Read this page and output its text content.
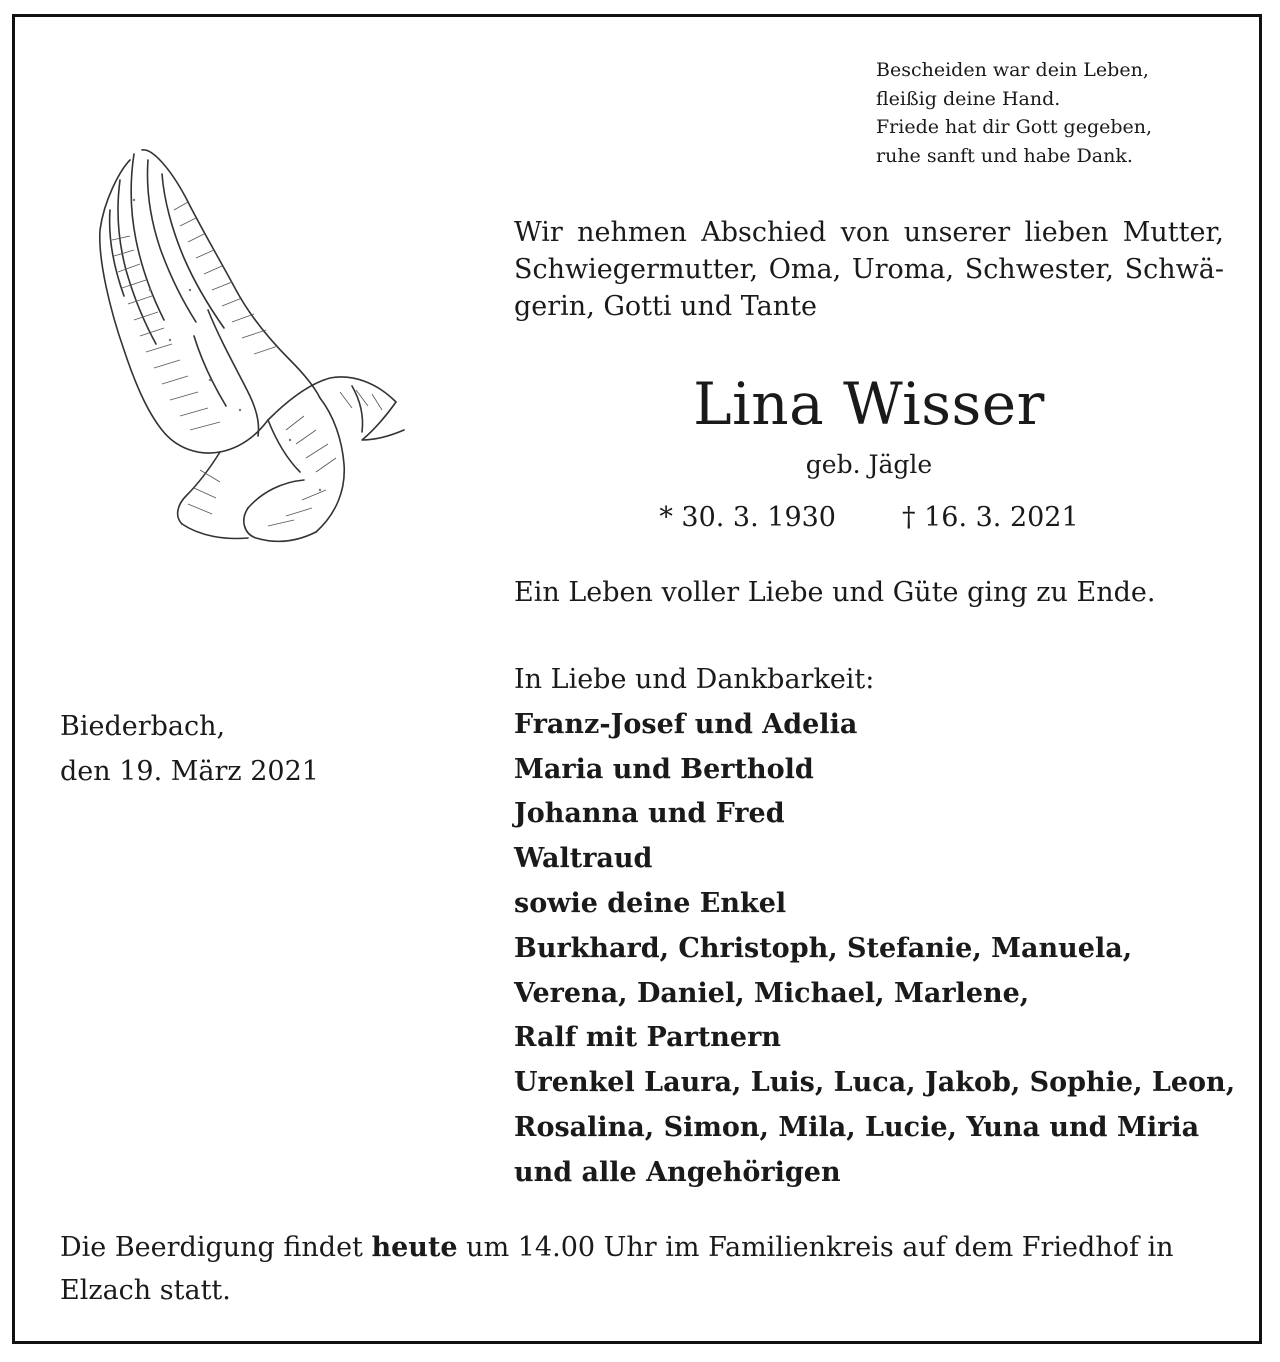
Bescheiden war dein Leben,
fleißig deine Hand.
Friede hat dir Gott gegeben,
ruhe sanft und habe Dank.
Wir nehmen Abschied von unserer lieben Mutter,
Schwiegermutter, Oma, Uroma, Schwester, Schwä-
gerin, Gotti und Tante
Lina Wisser
geb. Jägle
* 30. 3. 1930 † 16. 3. 2021
Ein Leben voller Liebe und Güte ging zu Ende.
Biederbach,
den 19. März 2021
In Liebe und Dankbarkeit:
Franz-Josef und Adelia
Maria und Berthold
Johanna und Fred
Waltraud
sowie deine Enkel
Burkhard, Christoph, Stefanie, Manuela,
Verena, Daniel, Michael, Marlene,
Ralf mit Partnern
Urenkel Laura, Luis, Luca, Jakob, Sophie, Leon,
Rosalina, Simon, Mila, Lucie, Yuna und Miria
und alle Angehörigen
Die Beerdigung findet heute um 14.00 Uhr im Familienkreis auf dem Friedhof in Elzach statt.
